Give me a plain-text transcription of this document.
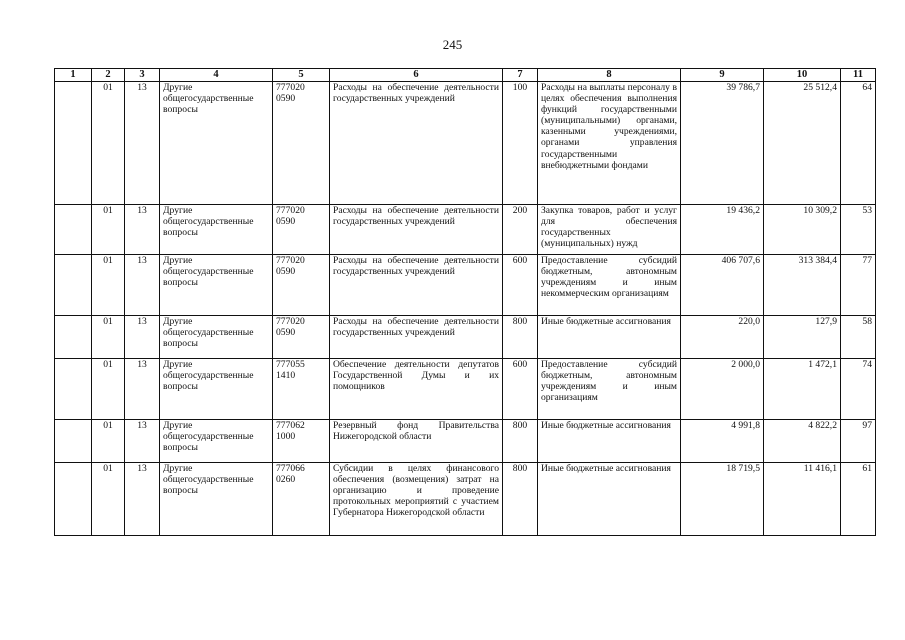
245
1	2	3	4	5	6	7	8	9	10	11
	01	13	Другие общегосударственные вопросы	777020 0590	Расходы на обеспечение деятельности государственных учреждений	100	Расходы на выплаты персоналу в целях обеспечения выполнения функций государственными (муниципальными) органами, казенными учреждениями, органами управления государственными внебюджетными фондами	39 786,7	25 512,4	64
	01	13	Другие общегосударственные вопросы	777020 0590	Расходы на обеспечение деятельности государственных учреждений	200	Закупка товаров, работ и услуг для обеспечения государственных (муниципальных) нужд	19 436,2	10 309,2	53
	01	13	Другие общегосударственные вопросы	777020 0590	Расходы на обеспечение деятельности государственных учреждений	600	Предоставление субсидий бюджетным, автономным учреждениям и иным некоммерческим организациям	406 707,6	313 384,4	77
	01	13	Другие общегосударственные вопросы	777020 0590	Расходы на обеспечение деятельности государственных учреждений	800	Иные бюджетные ассигнования	220,0	127,9	58
	01	13	Другие общегосударственные вопросы	777055 1410	Обеспечение деятельности депутатов Государственной Думы и их помощников	600	Предоставление субсидий бюджетным, автономным учреждениям и иным организациям	2 000,0	1 472,1	74
	01	13	Другие общегосударственные вопросы	777062 1000	Резервный фонд Правительства Нижегородской области	800	Иные бюджетные ассигнования	4 991,8	4 822,2	97
	01	13	Другие общегосударственные вопросы	777066 0260	Субсидии в целях финансового обеспечения (возмещения) затрат на организацию и проведение протокольных мероприятий с участием Губернатора Нижегородской области	800	Иные бюджетные ассигнования	18 719,5	11 416,1	61
